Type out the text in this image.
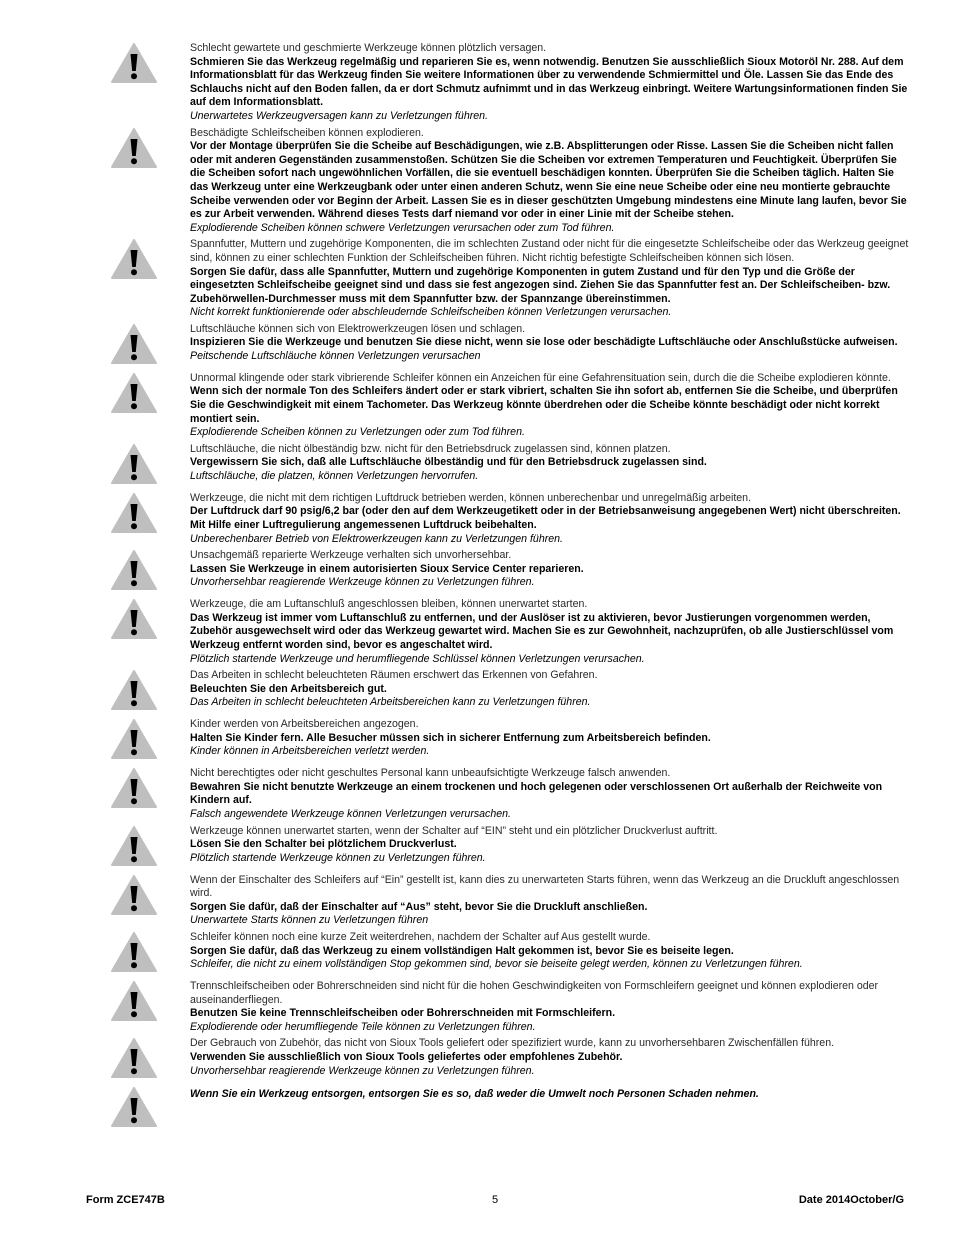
Schlecht gewartete und geschmierte Werkzeuge können plötzlich versagen.
Schmieren Sie das Werkzeug regelmäßig und reparieren Sie es, wenn notwendig. Benutzen Sie ausschließlich Sioux Motoröl Nr. 288. Auf dem Informationsblatt für das Werkzeug finden Sie weitere Informationen über zu verwendende Schmiermittel und Öle. Lassen Sie das Ende des Schlauchs nicht auf den Boden fallen, da er dort Schmutz aufnimmt und in das Werkzeug einbringt. Weitere Wartungsinformationen finden Sie auf dem Informationsblatt.
Unerwartetes Werkzeugversagen kann zu Verletzungen führen.
Beschädigte Schleifscheiben können explodieren.
Vor der Montage überprüfen Sie die Scheibe auf Beschädigungen, wie z.B. Absplitterungen oder Risse. Lassen Sie die Scheiben nicht fallen oder mit anderen Gegenständen zusammenstoßen. Schützen Sie die Scheiben vor extremen Temperaturen und Feuchtigkeit. Überprüfen Sie die Scheiben sofort nach ungewöhnlichen Vorfällen, die sie eventuell beschädigen konnten. Überprüfen Sie die Scheiben täglich. Halten Sie das Werkzeug unter eine Werkzeugbank oder unter einen anderen Schutz, wenn Sie eine neue Scheibe oder eine neu montierte gebrauchte Scheibe verwenden oder vor Beginn der Arbeit. Lassen Sie es in dieser geschützten Umgebung mindestens eine Minute lang laufen, bevor Sie es zur Arbeit verwenden. Während dieses Tests darf niemand vor oder in einer Linie mit der Scheibe stehen.
Explodierende Scheiben können schwere Verletzungen verursachen oder zum Tod führen.
Spannfutter, Muttern und zugehörige Komponenten, die im schlechten Zustand oder nicht für die eingesetzte Schleifscheibe oder das Werkzeug geeignet sind, können zu einer schlechten Funktion der Schleifscheiben führen. Nicht richtig befestigte Schleifscheiben können sich lösen.
Sorgen Sie dafür, dass alle Spannfutter, Muttern und zugehörige Komponenten in gutem Zustand und für den Typ und die Größe der eingesetzten Schleifscheibe geeignet sind und dass sie fest angezogen sind. Ziehen Sie das Spannfutter fest an. Der Schleifscheiben- bzw. Zubehörwellen-Durchmesser muss mit dem Spannfutter bzw. der Spannzange übereinstimmen.
Nicht korrekt funktionierende oder abschleudernde Schleifscheiben können Verletzungen verursachen.
Luftschläuche können sich von Elektrowerkzeugen lösen und schlagen.
Inspizieren Sie die Werkzeuge und benutzen Sie diese nicht, wenn sie lose oder beschädigte Luftschläuche oder Anschlußstücke aufweisen.
Peitschende Luftschläuche können Verletzungen verursachen
Unnormal klingende oder stark vibrierende Schleifer können ein Anzeichen für eine Gefahrensituation sein, durch die die Scheibe explodieren könnte.
Wenn sich der normale Ton des Schleifers ändert oder er stark vibriert, schalten Sie ihn sofort ab, entfernen Sie die Scheibe, und überprüfen Sie die Geschwindigkeit mit einem Tachometer. Das Werkzeug könnte überdrehen oder die Scheibe könnte beschädigt oder nicht korrekt montiert sein.
Explodierende Scheiben können zu Verletzungen oder zum Tod führen.
Luftschläuche, die nicht ölbeständig bzw. nicht für den Betriebsdruck zugelassen sind, können platzen.
Vergewissern Sie sich, daß alle Luftschläuche ölbeständig und für den Betriebsdruck zugelassen sind.
Luftschläuche, die platzen, können Verletzungen hervorrufen.
Werkzeuge, die nicht mit dem richtigen Luftdruck betrieben werden, können unberechenbar und unregelmäßig arbeiten.
Der Luftdruck darf 90 psig/6,2 bar (oder den auf dem Werkzeugetikett oder in der Betriebsanweisung angegebenen Wert) nicht überschreiten. Mit Hilfe einer Luftregulierung angemessenen Luftdruck beibehalten.
Unberechenbarer Betrieb von Elektrowerkzeugen kann zu Verletzungen führen.
Unsachgemäß reparierte Werkzeuge verhalten sich unvorhersehbar.
Lassen Sie Werkzeuge in einem autorisierten Sioux Service Center reparieren.
Unvorhersehbar reagierende Werkzeuge können zu Verletzungen führen.
Werkzeuge, die am Luftanschluß angeschlossen bleiben, können unerwartet starten.
Das Werkzeug ist immer vom Luftanschluß zu entfernen, und der Auslöser ist zu aktivieren, bevor Justierungen vorgenommen werden, Zubehör ausgewechselt wird oder das Werkzeug gewartet wird. Machen Sie es zur Gewohnheit, nachzuprüfen, ob alle Justierschlüssel vom Werkzeug entfernt worden sind, bevor es angeschaltet wird.
Plötzlich startende Werkzeuge und herumfliegende Schlüssel können Verletzungen verursachen.
Das Arbeiten in schlecht beleuchteten Räumen erschwert das Erkennen von Gefahren.
Beleuchten Sie den Arbeitsbereich gut.
Das Arbeiten in schlecht beleuchteten Arbeitsbereichen kann zu Verletzungen führen.
Kinder werden von Arbeitsbereichen angezogen.
Halten Sie Kinder fern. Alle Besucher müssen sich in sicherer Entfernung zum Arbeitsbereich befinden.
Kinder können in Arbeitsbereichen verletzt werden.
Nicht berechtigtes oder nicht geschultes Personal kann unbeaufsichtigte Werkzeuge falsch anwenden.
Bewahren Sie nicht benutzte Werkzeuge an einem trockenen und hoch gelegenen oder verschlossenen Ort außerhalb der Reichweite von Kindern auf.
Falsch angewendete Werkzeuge können Verletzungen verursachen.
Werkzeuge können unerwartet starten, wenn der Schalter auf “EIN” steht und ein plötzlicher Druckverlust auftritt.
Lösen Sie den Schalter bei plötzlichem Druckverlust.
Plötzlich startende Werkzeuge können zu Verletzungen führen.
Wenn der Einschalter des Schleifers auf “Ein” gestellt ist, kann dies zu unerwarteten Starts führen, wenn das Werkzeug an die Druckluft angeschlossen wird.
Sorgen Sie dafür, daß der Einschalter auf “Aus” steht, bevor Sie die Druckluft anschließen.
Unerwartete Starts können zu Verletzungen führen
Schleifer können noch eine kurze Zeit weiterdrehen, nachdem der Schalter auf Aus gestellt wurde.
Sorgen Sie dafür, daß das Werkzeug zu einem vollständigen Halt gekommen ist, bevor Sie es beiseite legen.
Schleifer, die nicht zu einem vollständigen Stop gekommen sind, bevor sie beiseite gelegt werden, können zu Verletzungen führen.
Trennschleifscheiben oder Bohrerschneiden sind nicht für die hohen Geschwindigkeiten von Formschleifern geeignet und können explodieren oder auseinanderfliegen.
Benutzen Sie keine Trennschleifscheiben oder Bohrerschneiden mit Formschleifern.
Explodierende oder herumfliegende Teile können zu Verletzungen führen.
Der Gebrauch von Zubehör, das nicht von Sioux Tools geliefert oder spezifiziert wurde, kann zu unvorhersehbaren Zwischenfällen führen.
Verwenden Sie ausschließlich von Sioux Tools geliefertes oder empfohlenes Zubehör.
Unvorhersehbar reagierende Werkzeuge können zu Verletzungen führen.
Wenn Sie ein Werkzeug entsorgen, entsorgen Sie es so, daß weder die Umwelt noch Personen Schaden nehmen.
Form ZCE747B	5	Date 2014October/G
